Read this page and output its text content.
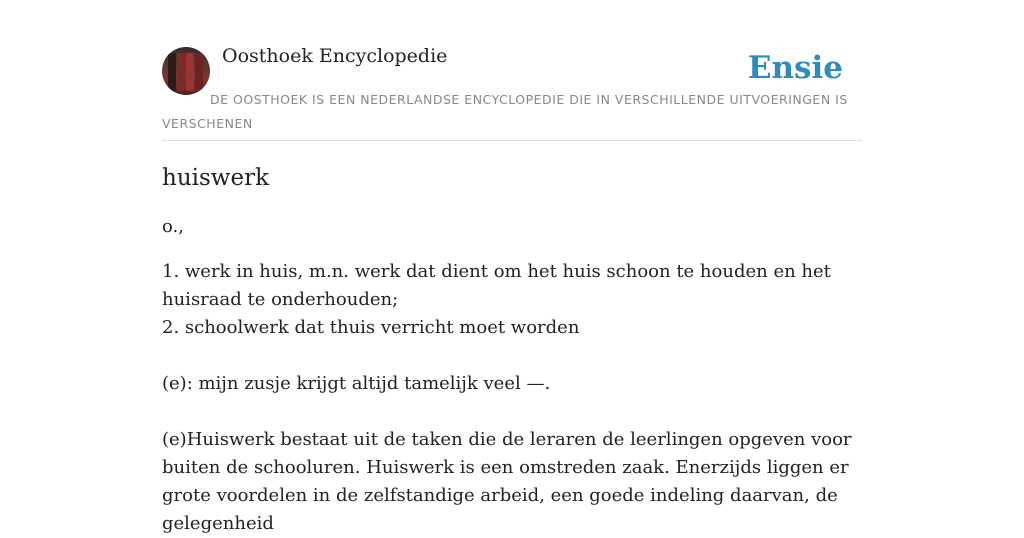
Oosthoek Encyclopedie	Ensie
DE OOSTHOEK IS EEN NEDERLANDSE ENCYCLOPEDIE DIE IN VERSCHILLENDE UITVOERINGEN IS VERSCHENEN
huiswerk

o.,

1. werk in huis, m.n. werk dat dient om het huis schoon te houden en het huisraad te onderhouden;
2. schoolwerk dat thuis verricht moet worden

(e): mijn zusje krijgt altijd tamelijk veel —.

(e)Huiswerk bestaat uit de taken die de leraren de leerlingen opgeven voor buiten de schooluren. Huiswerk is een omstreden zaak. Enerzijds liggen er grote voordelen in de zelfstandige arbeid, een goede indeling daarvan, de gelegenheid
